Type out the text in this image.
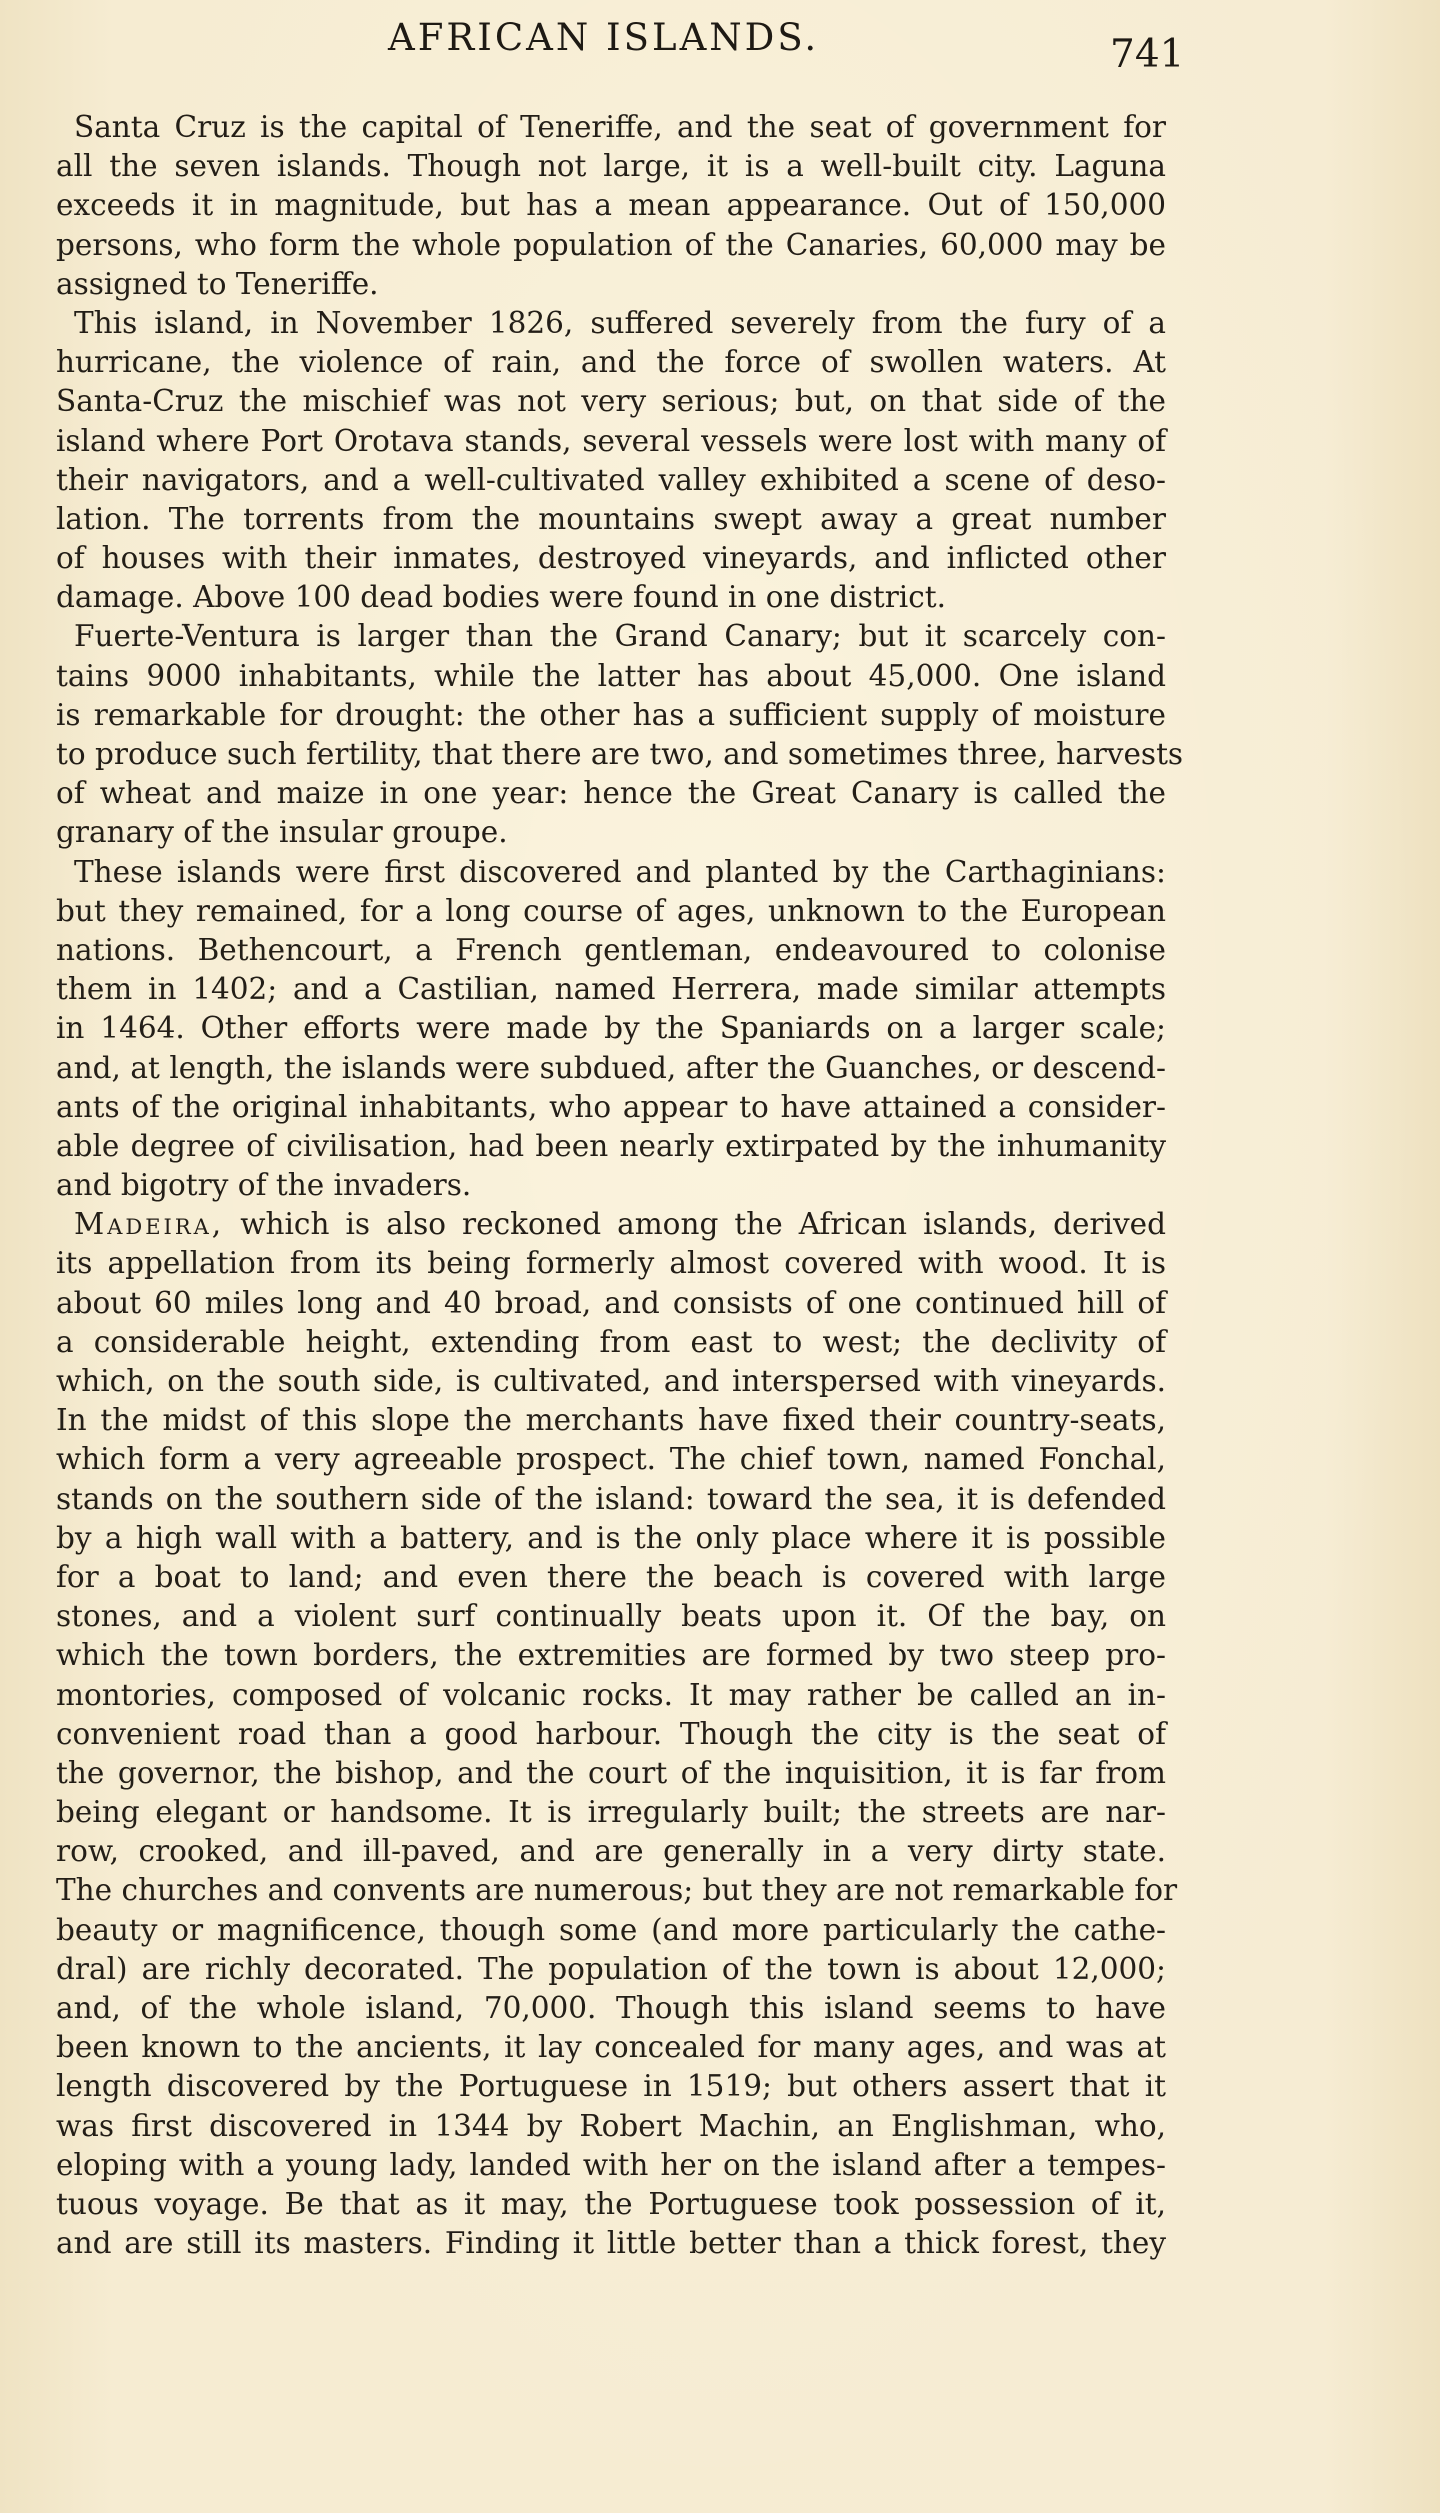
AFRICAN ISLANDS.	741
Santa Cruz is the capital of Teneriffe, and the seat of government for
all the seven islands. Though not large, it is a well-built city. Laguna
exceeds it in magnitude, but has a mean appearance. Out of 150,000
persons, who form the whole population of the Canaries, 60,000 may be
assigned to Teneriffe.
This island, in November 1826, suffered severely from the fury of a
hurricane, the violence of rain, and the force of swollen waters. At
Santa-Cruz the mischief was not very serious; but, on that side of the
island where Port Orotava stands, several vessels were lost with many of
their navigators, and a well-cultivated valley exhibited a scene of deso-
lation. The torrents from the mountains swept away a great number
of houses with their inmates, destroyed vineyards, and inflicted other
damage. Above 100 dead bodies were found in one district.
Fuerte-Ventura is larger than the Grand Canary; but it scarcely con-
tains 9000 inhabitants, while the latter has about 45,000. One island
is remarkable for drought: the other has a sufficient supply of moisture
to produce such fertility, that there are two, and sometimes three, harvests
of wheat and maize in one year: hence the Great Canary is called the
granary of the insular groupe.
These islands were first discovered and planted by the Carthaginians:
but they remained, for a long course of ages, unknown to the European
nations. Bethencourt, a French gentleman, endeavoured to colonise
them in 1402; and a Castilian, named Herrera, made similar attempts
in 1464. Other efforts were made by the Spaniards on a larger scale;
and, at length, the islands were subdued, after the Guanches, or descend-
ants of the original inhabitants, who appear to have attained a consider-
able degree of civilisation, had been nearly extirpated by the inhumanity
and bigotry of the invaders.
Madeira, which is also reckoned among the African islands, derived
its appellation from its being formerly almost covered with wood. It is
about 60 miles long and 40 broad, and consists of one continued hill of
a considerable height, extending from east to west; the declivity of
which, on the south side, is cultivated, and interspersed with vineyards.
In the midst of this slope the merchants have fixed their country-seats,
which form a very agreeable prospect. The chief town, named Fonchal,
stands on the southern side of the island: toward the sea, it is defended
by a high wall with a battery, and is the only place where it is possible
for a boat to land; and even there the beach is covered with large
stones, and a violent surf continually beats upon it. Of the bay, on
which the town borders, the extremities are formed by two steep pro-
montories, composed of volcanic rocks. It may rather be called an in-
convenient road than a good harbour. Though the city is the seat of
the governor, the bishop, and the court of the inquisition, it is far from
being elegant or handsome. It is irregularly built; the streets are nar-
row, crooked, and ill-paved, and are generally in a very dirty state.
The churches and convents are numerous; but they are not remarkable for
beauty or magnificence, though some (and more particularly the cathe-
dral) are richly decorated. The population of the town is about 12,000;
and, of the whole island, 70,000. Though this island seems to have
been known to the ancients, it lay concealed for many ages, and was at
length discovered by the Portuguese in 1519; but others assert that it
was first discovered in 1344 by Robert Machin, an Englishman, who,
eloping with a young lady, landed with her on the island after a tempes-
tuous voyage. Be that as it may, the Portuguese took possession of it,
and are still its masters. Finding it little better than a thick forest, they
